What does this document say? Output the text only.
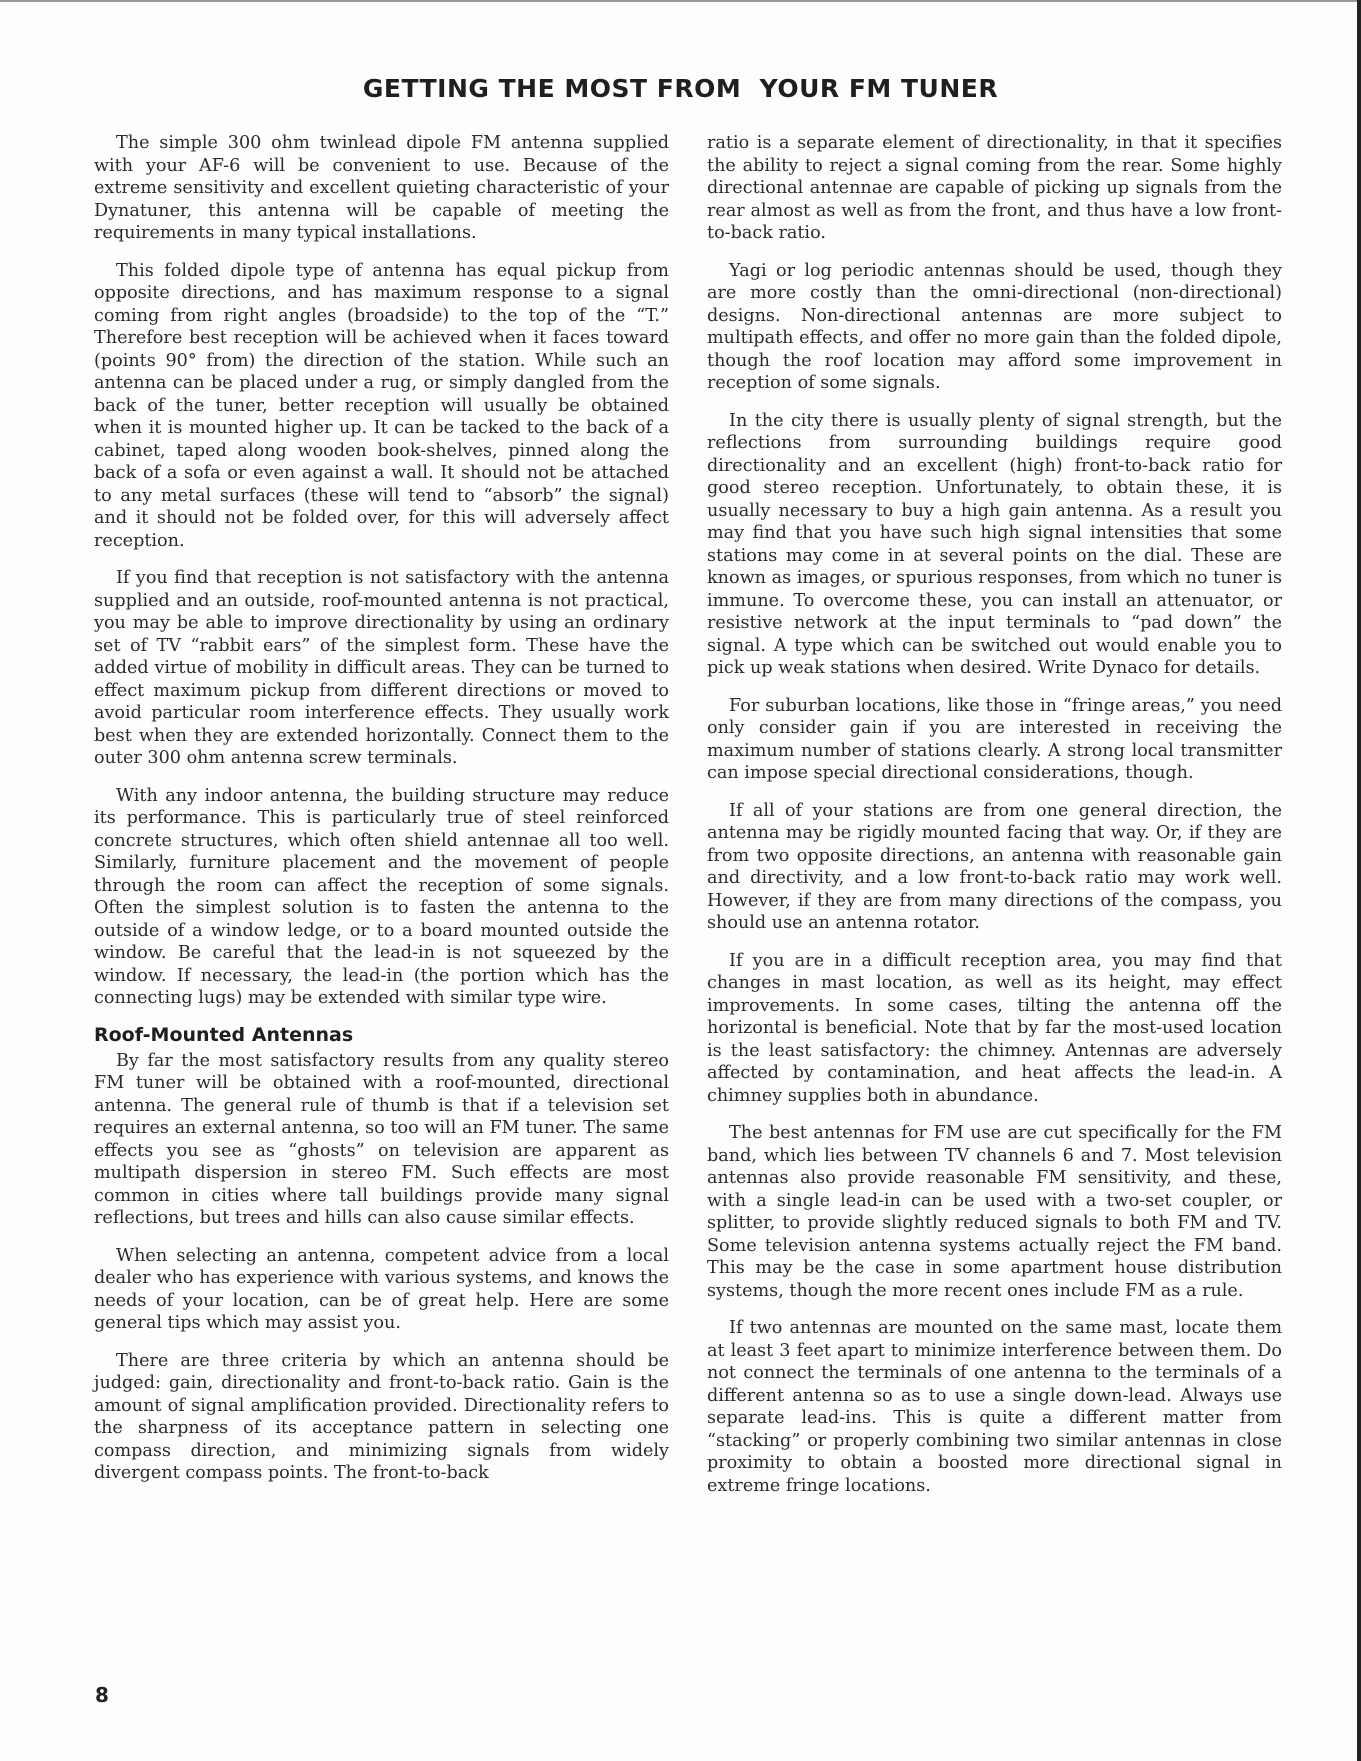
GETTING THE MOST FROM  YOUR FM TUNER

The simple 300 ohm twinlead dipole FM antenna supplied with your AF-6 will be convenient to use. Because of the extreme sensitivity and excellent quieting characteristic of your Dynatuner, this antenna will be capable of meeting the requirements in many typical installations.

This folded dipole type of antenna has equal pickup from opposite directions, and has maximum response to a signal coming from right angles (broadside) to the top of the “T.” Therefore best reception will be achieved when it faces toward (points 90° from) the direction of the station. While such an antenna can be placed under a rug, or simply dangled from the back of the tuner, better reception will usually be obtained when it is mounted higher up. It can be tacked to the back of a cabinet, taped along wooden book-shelves, pinned along the back of a sofa or even against a wall. It should not be attached to any metal surfaces (these will tend to “absorb” the signal) and it should not be folded over, for this will adversely affect reception.

If you find that reception is not satisfactory with the antenna supplied and an outside, roof-mounted antenna is not practical, you may be able to improve directionality by using an ordinary set of TV “rabbit ears” of the simplest form. These have the added virtue of mobility in difficult areas. They can be turned to effect maximum pickup from different directions or moved to avoid particular room interference effects. They usually work best when they are extended horizontally. Connect them to the outer 300 ohm antenna screw terminals.

With any indoor antenna, the building structure may reduce its performance. This is particularly true of steel reinforced concrete structures, which often shield antennae all too well. Similarly, furniture placement and the movement of people through the room can affect the reception of some signals. Often the simplest solution is to fasten the antenna to the outside of a window ledge, or to a board mounted outside the window. Be careful that the lead-in is not squeezed by the window. If necessary, the lead-in (the portion which has the connecting lugs) may be extended with similar type wire.

Roof-Mounted Antennas

By far the most satisfactory results from any quality stereo FM tuner will be obtained with a roof-mounted, directional antenna. The general rule of thumb is that if a television set requires an external antenna, so too will an FM tuner. The same effects you see as “ghosts” on television are apparent as multipath dispersion in stereo FM. Such effects are most common in cities where tall buildings provide many signal reflections, but trees and hills can also cause similar effects.

When selecting an antenna, competent advice from a local dealer who has experience with various systems, and knows the needs of your location, can be of great help. Here are some general tips which may assist you.

There are three criteria by which an antenna should be judged: gain, directionality and front-to-back ratio. Gain is the amount of signal amplification provided. Directionality refers to the sharpness of its acceptance pattern in selecting one compass direction, and minimizing signals from widely divergent compass points. The front-to-back

ratio is a separate element of directionality, in that it specifies the ability to reject a signal coming from the rear. Some highly directional antennae are capable of picking up signals from the rear almost as well as from the front, and thus have a low front-to-back ratio.

Yagi or log periodic antennas should be used, though they are more costly than the omni-directional (non-directional) designs. Non-directional antennas are more subject to multipath effects, and offer no more gain than the folded dipole, though the roof location may afford some improvement in reception of some signals.

In the city there is usually plenty of signal strength, but the reflections from surrounding buildings require good directionality and an excellent (high) front-to-back ratio for good stereo reception. Unfortunately, to obtain these, it is usually necessary to buy a high gain antenna. As a result you may find that you have such high signal intensities that some stations may come in at several points on the dial. These are known as images, or spurious responses, from which no tuner is immune. To overcome these, you can install an attenuator, or resistive network at the input terminals to “pad down” the signal. A type which can be switched out would enable you to pick up weak stations when desired. Write Dynaco for details.

For suburban locations, like those in “fringe areas,” you need only consider gain if you are interested in receiving the maximum number of stations clearly. A strong local transmitter can impose special directional considerations, though.

If all of your stations are from one general direction, the antenna may be rigidly mounted facing that way. Or, if they are from two opposite directions, an antenna with reasonable gain and directivity, and a low front-to-back ratio may work well. However, if they are from many directions of the compass, you should use an antenna rotator.

If you are in a difficult reception area, you may find that changes in mast location, as well as its height, may effect improvements. In some cases, tilting the antenna off the horizontal is beneficial. Note that by far the most-used location is the least satisfactory: the chimney. Antennas are adversely affected by contamination, and heat affects the lead-in. A chimney supplies both in abundance.

The best antennas for FM use are cut specifically for the FM band, which lies between TV channels 6 and 7. Most television antennas also provide reasonable FM sensitivity, and these, with a single lead-in can be used with a two-set coupler, or splitter, to provide slightly reduced signals to both FM and TV. Some television antenna systems actually reject the FM band. This may be the case in some apartment house distribution systems, though the more recent ones include FM as a rule.

If two antennas are mounted on the same mast, locate them at least 3 feet apart to minimize interference between them. Do not connect the terminals of one antenna to the terminals of a different antenna so as to use a single down-lead. Always use separate lead-ins. This is quite a different matter from “stacking” or properly combining two similar antennas in close proximity to obtain a boosted more directional signal in extreme fringe locations.

8
